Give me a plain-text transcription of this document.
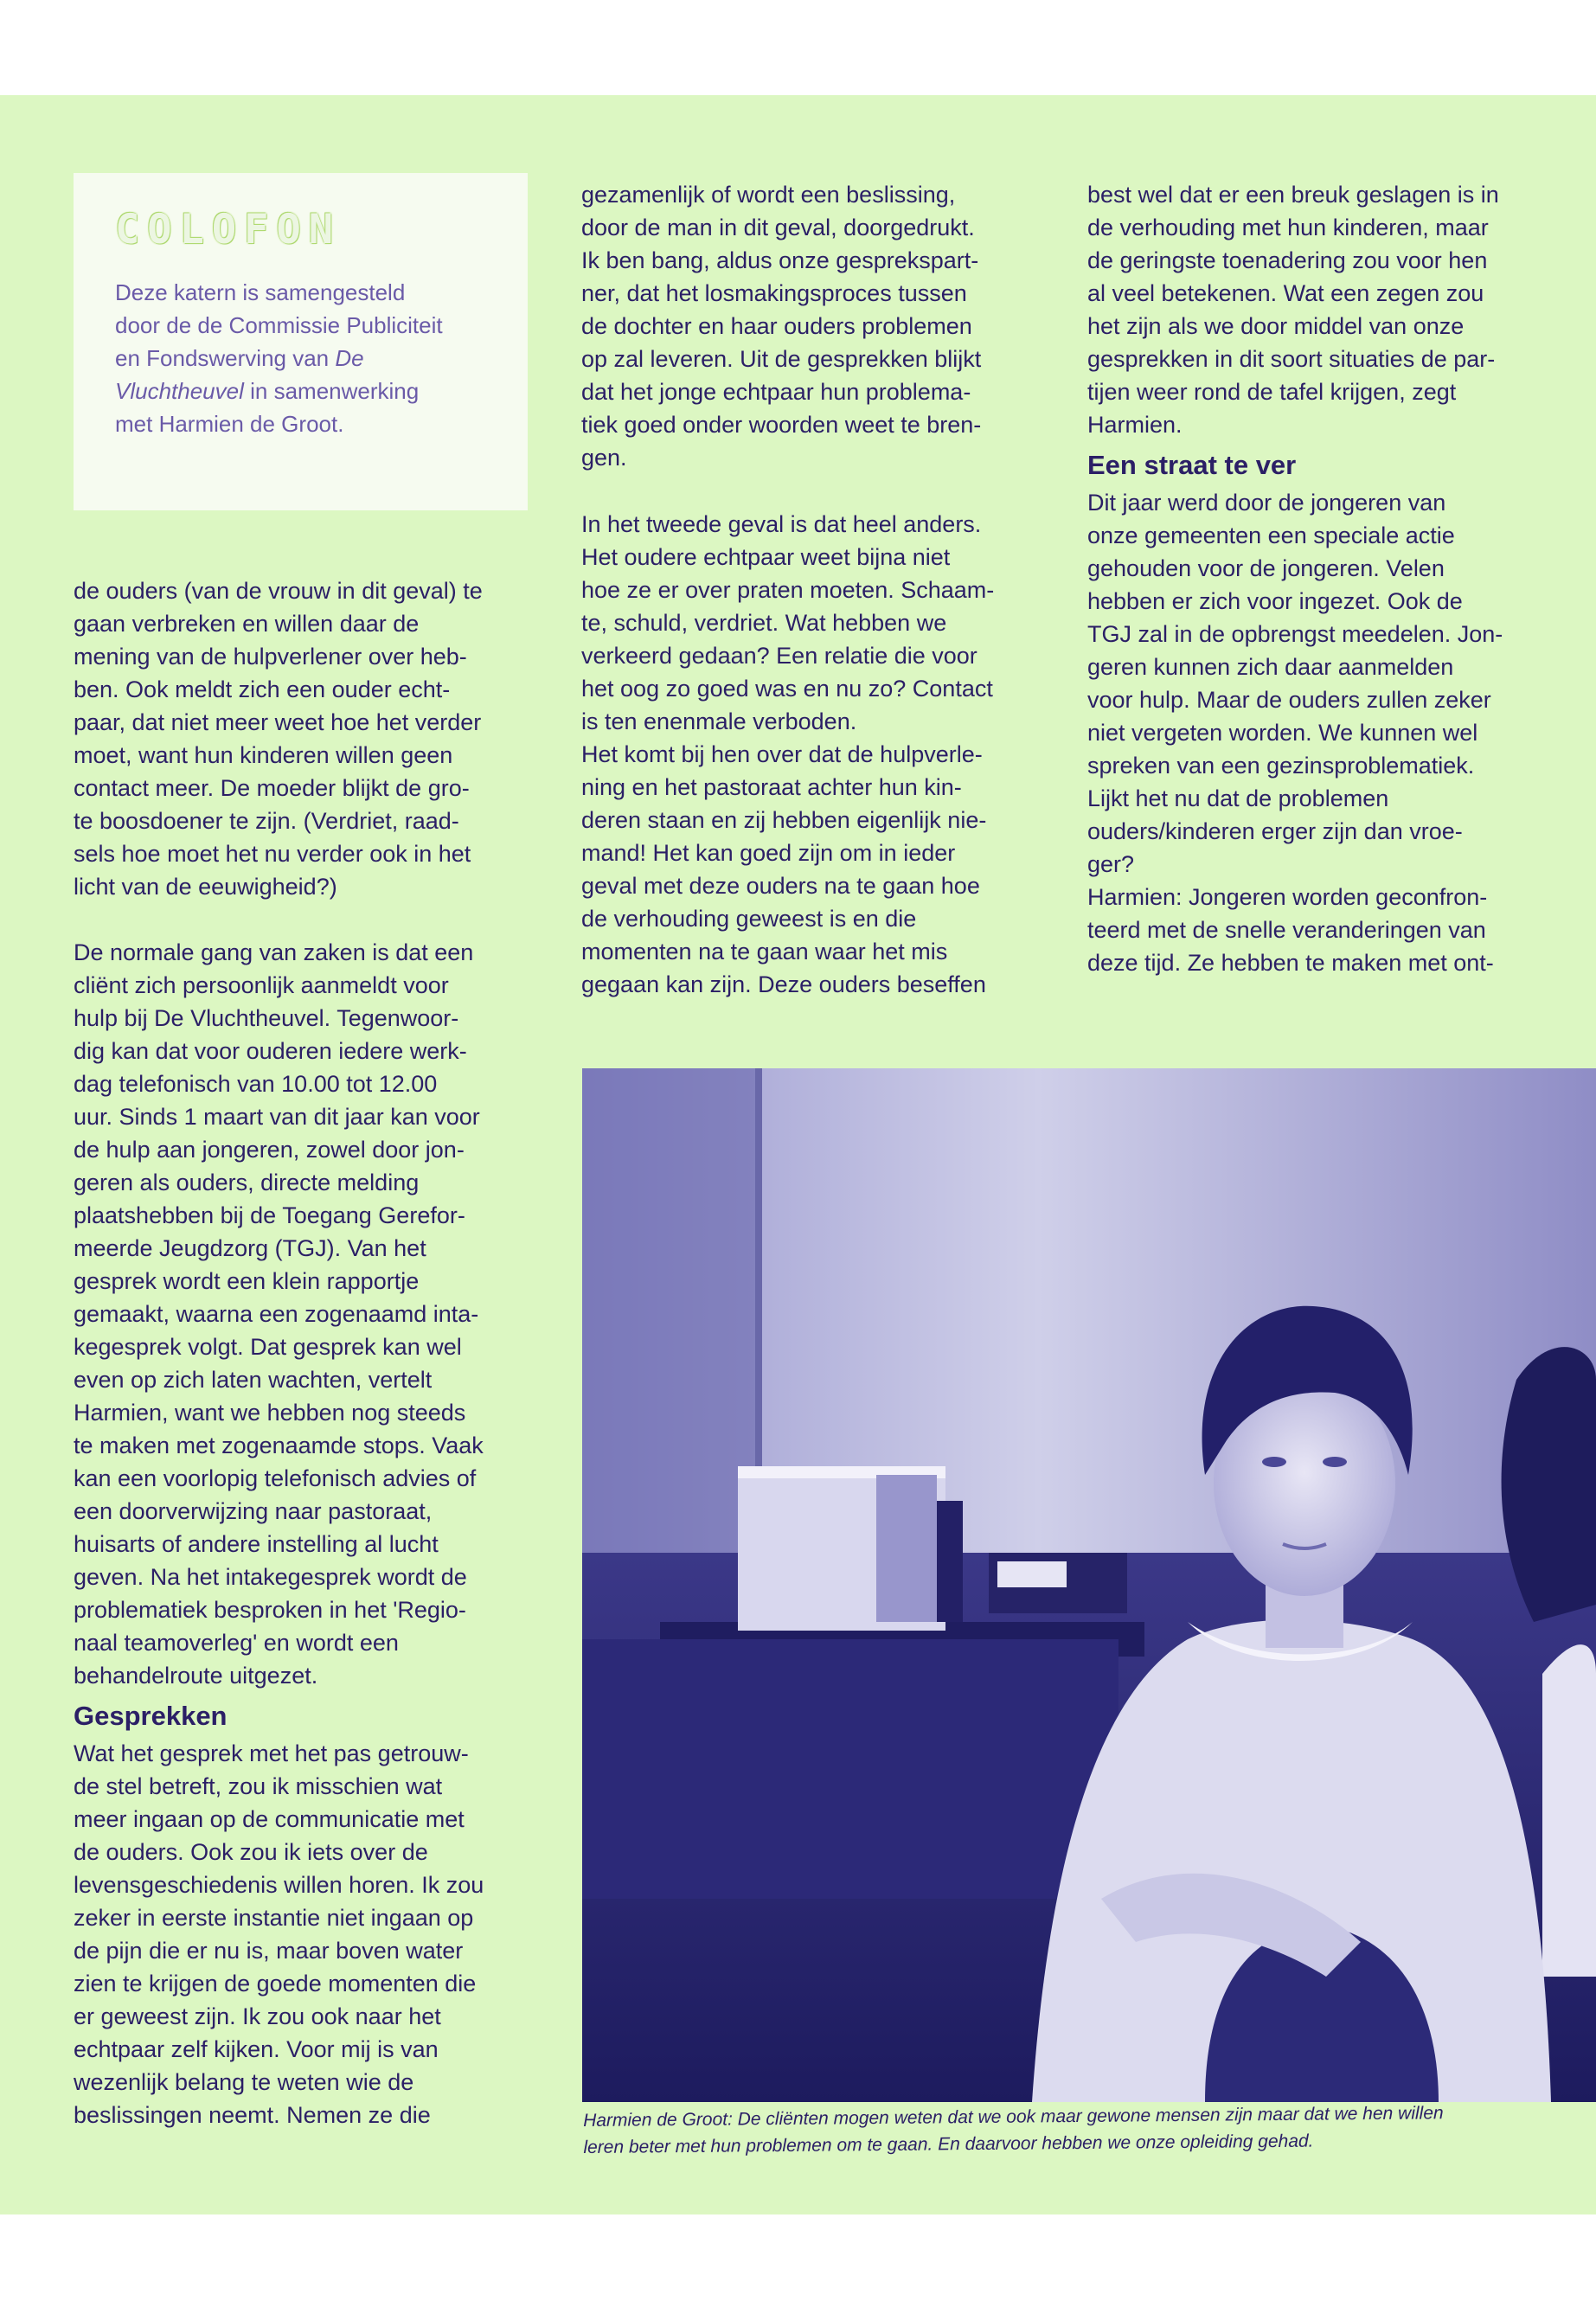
COLOFON

Deze katern is samengesteld
door de de Commissie Publiciteit
en Fondswerving van De
Vluchtheuvel in samenwerking
met Harmien de Groot.

de ouders (van de vrouw in dit geval) te
gaan verbreken en willen daar de
mening van de hulpverlener over heb-
ben. Ook meldt zich een ouder echt-
paar, dat niet meer weet hoe het verder
moet, want hun kinderen willen geen
contact meer. De moeder blijkt de gro-
te boosdoener te zijn. (Verdriet, raad-
sels hoe moet het nu verder ook in het
licht van de eeuwigheid?)

De normale gang van zaken is dat een
cliënt zich persoonlijk aanmeldt voor
hulp bij De Vluchtheuvel. Tegenwoor-
dig kan dat voor ouderen iedere werk-
dag telefonisch van 10.00 tot 12.00
uur. Sinds 1 maart van dit jaar kan voor
de hulp aan jongeren, zowel door jon-
geren als ouders, directe melding
plaatshebben bij de Toegang Gerefor-
meerde Jeugdzorg (TGJ). Van het
gesprek wordt een klein rapportje
gemaakt, waarna een zogenaamd inta-
kegesprek volgt. Dat gesprek kan wel
even op zich laten wachten, vertelt
Harmien, want we hebben nog steeds
te maken met zogenaamde stops. Vaak
kan een voorlopig telefonisch advies of
een doorverwijzing naar pastoraat,
huisarts of andere instelling al lucht
geven. Na het intakegesprek wordt de
problematiek besproken in het 'Regio-
naal teamoverleg' en wordt een
behandelroute uitgezet.

Gesprekken

Wat het gesprek met het pas getrouw-
de stel betreft, zou ik misschien wat
meer ingaan op de communicatie met
de ouders. Ook zou ik iets over de
levensgeschiedenis willen horen. Ik zou
zeker in eerste instantie niet ingaan op
de pijn die er nu is, maar boven water
zien te krijgen de goede momenten die
er geweest zijn. Ik zou ook naar het
echtpaar zelf kijken. Voor mij is van
wezenlijk belang te weten wie de
beslissingen neemt. Nemen ze die

gezamenlijk of wordt een beslissing,
door de man in dit geval, doorgedrukt.
Ik ben bang, aldus onze gesprekspart-
ner, dat het losmakingsproces tussen
de dochter en haar ouders problemen
op zal leveren. Uit de gesprekken blijkt
dat het jonge echtpaar hun problema-
tiek goed onder woorden weet te bren-
gen.

In het tweede geval is dat heel anders.
Het oudere echtpaar weet bijna niet
hoe ze er over praten moeten. Schaam-
te, schuld, verdriet. Wat hebben we
verkeerd gedaan? Een relatie die voor
het oog zo goed was en nu zo? Contact
is ten enenmale verboden.
Het komt bij hen over dat de hulpverle-
ning en het pastoraat achter hun kin-
deren staan en zij hebben eigenlijk nie-
mand! Het kan goed zijn om in ieder
geval met deze ouders na te gaan hoe
de verhouding geweest is en die
momenten na te gaan waar het mis
gegaan kan zijn. Deze ouders beseffen

best wel dat er een breuk geslagen is in
de verhouding met hun kinderen, maar
de geringste toenadering zou voor hen
al veel betekenen. Wat een zegen zou
het zijn als we door middel van onze
gesprekken in dit soort situaties de par-
tijen weer rond de tafel krijgen, zegt
Harmien.

Een straat te ver

Dit jaar werd door de jongeren van
onze gemeenten een speciale actie
gehouden voor de jongeren. Velen
hebben er zich voor ingezet. Ook de
TGJ zal in de opbrengst meedelen. Jon-
geren kunnen zich daar aanmelden
voor hulp. Maar de ouders zullen zeker
niet vergeten worden. We kunnen wel
spreken van een gezinsproblematiek.
Lijkt het nu dat de problemen
ouders/kinderen erger zijn dan vroe-
ger?
Harmien: Jongeren worden geconfron-
teerd met de snelle veranderingen van
deze tijd. Ze hebben te maken met ont-

Harmien de Groot: De cliënten mogen weten dat we ook maar gewone mensen zijn maar dat we hen willen
leren beter met hun problemen om te gaan. En daarvoor hebben we onze opleiding gehad.
